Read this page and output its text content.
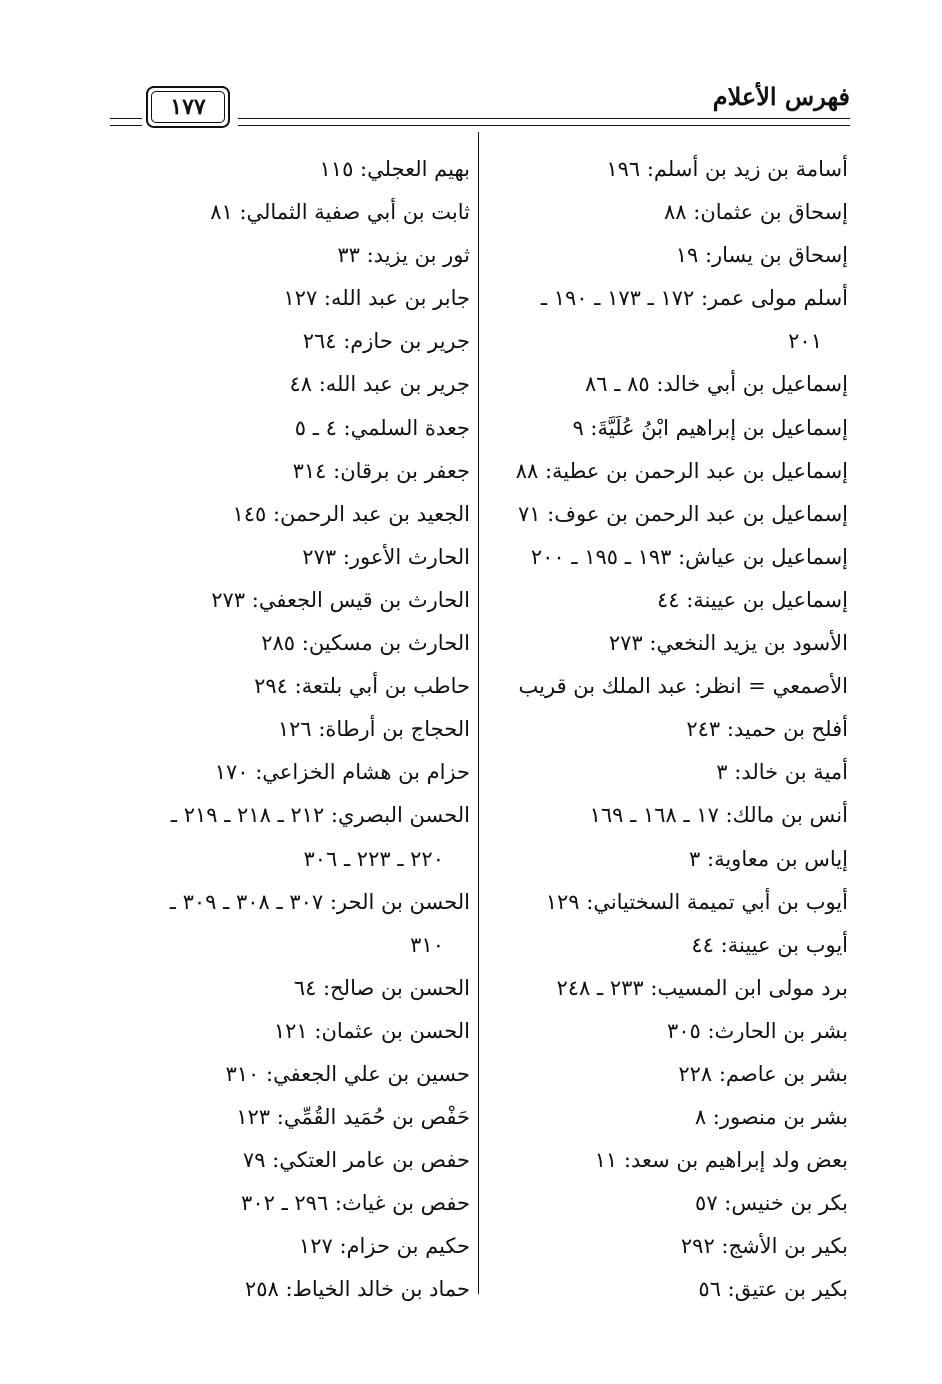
فهرس الأعلام
١٧٧
أسامة بن زيد بن أسلم: ١٩٦
إسحاق بن عثمان: ٨٨
إسحاق بن يسار: ١٩
أسلم مولى عمر: ١٧٢ ـ ١٧٣ ـ ١٩٠ ـ
٢٠١
إسماعيل بن أبي خالد: ٨٥ ـ ٨٦
إسماعيل بن إبراهيم ابْنُ عُلَيَّةَ: ٩
إسماعيل بن عبد الرحمن بن عطية: ٨٨
إسماعيل بن عبد الرحمن بن عوف: ٧١
إسماعيل بن عياش: ١٩٣ ـ ١٩٥ ـ ٢٠٠
إسماعيل بن عيينة: ٤٤
الأسود بن يزيد النخعي: ٢٧٣
الأصمعي = انظر: عبد الملك بن قريب
أفلح بن حميد: ٢٤٣
أمية بن خالد: ٣
أنس بن مالك: ١٧ ـ ١٦٨ ـ ١٦٩
إياس بن معاوية: ٣
أيوب بن أبي تميمة السختياني: ١٢٩
أيوب بن عيينة: ٤٤
برد مولى ابن المسيب: ٢٣٣ ـ ٢٤٨
بشر بن الحارث: ٣٠٥
بشر بن عاصم: ٢٢٨
بشر بن منصور: ٨
بعض ولد إبراهيم بن سعد: ١١
بكر بن خنيس: ٥٧
بكير بن الأشج: ٢٩٢
بكير بن عتيق: ٥٦
بهيم العجلي: ١١٥
ثابت بن أبي صفية الثمالي: ٨١
ثور بن يزيد: ٣٣
جابر بن عبد الله: ١٢٧
جرير بن حازم: ٢٦٤
جرير بن عبد الله: ٤٨
جعدة السلمي: ٤ ـ ٥
جعفر بن برقان: ٣١٤
الجعيد بن عبد الرحمن: ١٤٥
الحارث الأعور: ٢٧٣
الحارث بن قيس الجعفي: ٢٧٣
الحارث بن مسكين: ٢٨٥
حاطب بن أبي بلتعة: ٢٩٤
الحجاج بن أرطاة: ١٢٦
حزام بن هشام الخزاعي: ١٧٠
الحسن البصري: ٢١٢ ـ ٢١٨ ـ ٢١٩ ـ
٢٢٠ ـ ٢٢٣ ـ ٣٠٦
الحسن بن الحر: ٣٠٧ ـ ٣٠٨ ـ ٣٠٩ ـ
٣١٠
الحسن بن صالح: ٦٤
الحسن بن عثمان: ١٢١
حسين بن علي الجعفي: ٣١٠
حَفْص بن حُمَيد القُمِّي: ١٢٣
حفص بن عامر العتكي: ٧٩
حفص بن غياث: ٢٩٦ ـ ٣٠٢
حكيم بن حزام: ١٢٧
حماد بن خالد الخياط: ٢٥٨
